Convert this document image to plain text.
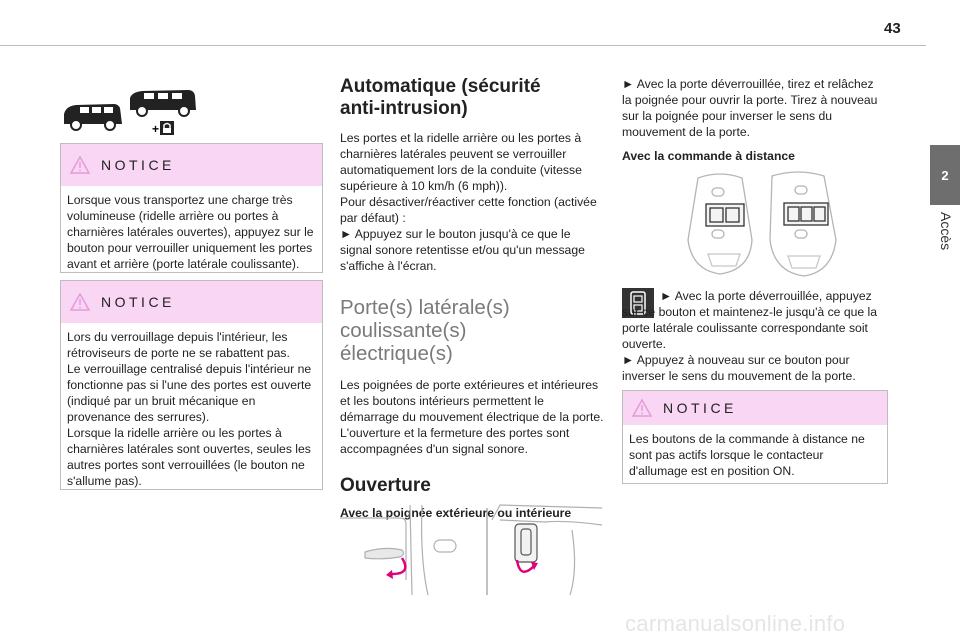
43
2
Accès
+
NOTICE

Lorsque vous transportez une charge très volumineuse (ridelle arrière ou portes à charnières latérales ouvertes), appuyez sur le bouton pour verrouiller uniquement les portes avant et arrière (porte latérale coulissante).

NOTICE

Lors du verrouillage depuis l'intérieur, les rétroviseurs de porte ne se rabattent pas.

Le verrouillage centralisé depuis l'intérieur ne fonctionne pas si l'une des portes est ouverte (indiqué par un bruit mécanique en provenance des serrures).

Lorsque la ridelle arrière ou les portes à charnières latérales sont ouvertes, seules les autres portes sont verrouillées (le bouton ne s'allume pas).

Automatique (sécurité anti-intrusion)

Les portes et la ridelle arrière ou les portes à charnières latérales peuvent se verrouiller automatiquement lors de la conduite (vitesse supérieure à 10 km/h (6 mph)).

Pour désactiver/réactiver cette fonction (activée par défaut) :

► Appuyez sur le bouton jusqu'à ce que le signal sonore retentisse et/ou qu'un message s'affiche à l'écran.

Porte(s) latérale(s) coulissante(s) électrique(s)

Les poignées de porte extérieures et intérieures et les boutons intérieurs permettent le démarrage du mouvement électrique de la porte. L'ouverture et la fermeture des portes sont accompagnées d'un signal sonore.

Ouverture

Avec la poignée extérieure ou intérieure

► Avec la porte déverrouillée, tirez et relâchez la poignée pour ouvrir la porte. Tirez à nouveau sur la poignée pour inverser le sens du mouvement de la porte.

Avec la commande à distance

► Avec la porte déverrouillée, appuyez sur ce bouton et maintenez-le jusqu'à ce que la porte latérale coulissante correspondante soit ouverte.

► Appuyez à nouveau sur ce bouton pour inverser le sens du mouvement de la porte.

NOTICE

Les boutons de la commande à distance ne sont pas actifs lorsque le contacteur d'allumage est en position ON.

carmanualsonline.info
